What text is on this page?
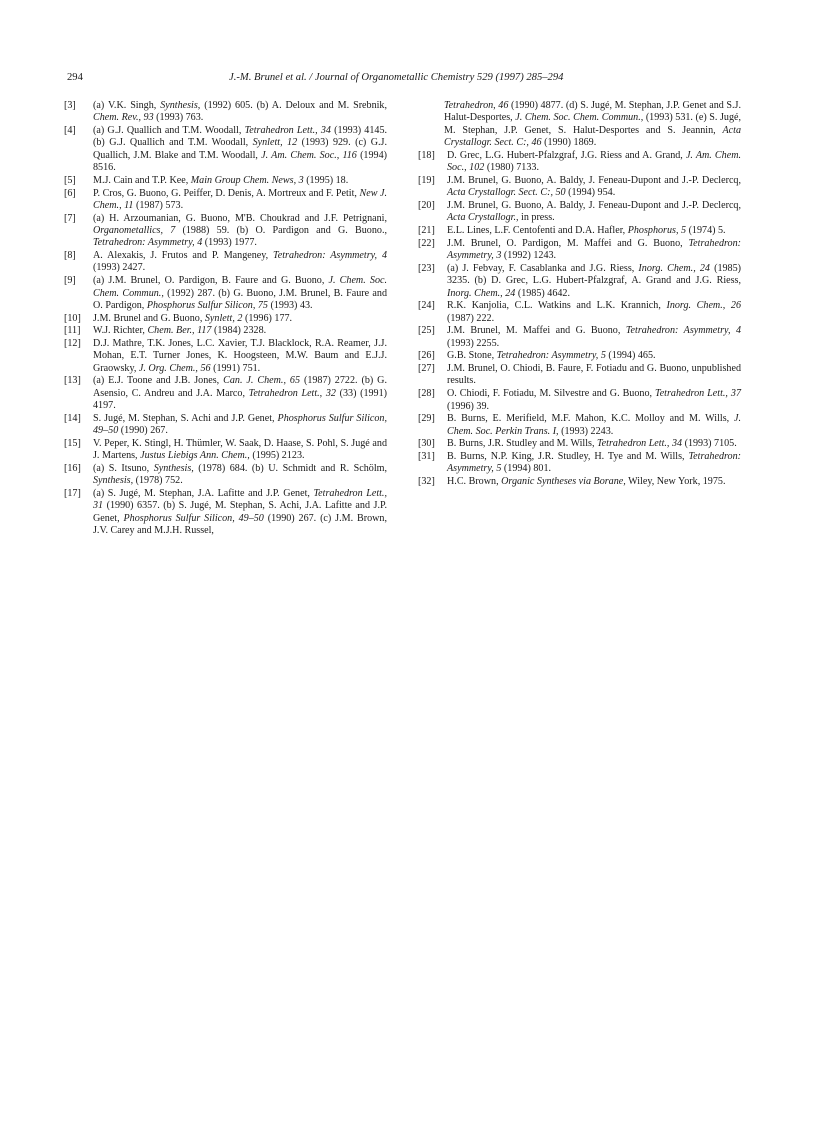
294	J.-M. Brunel et al. / Journal of Organometallic Chemistry 529 (1997) 285–294
[3]	(a) V.K. Singh, Synthesis, (1992) 605. (b) A. Deloux and M. Srebnik, Chem. Rev., 93 (1993) 763.
[4]	(a) G.J. Quallich and T.M. Woodall, Tetrahedron Lett., 34 (1993) 4145. (b) G.J. Quallich and T.M. Woodall, Synlett, 12 (1993) 929. (c) G.J. Quallich, J.M. Blake and T.M. Woodall, J. Am. Chem. Soc., 116 (1994) 8516.
[5]	M.J. Cain and T.P. Kee, Main Group Chem. News, 3 (1995) 18.
[6]	P. Cros, G. Buono, G. Peiffer, D. Denis, A. Mortreux and F. Petit, New J. Chem., 11 (1987) 573.
[7]	(a) H. Arzoumanian, G. Buono, M'B. Choukrad and J.F. Petrignani, Organometallics, 7 (1988) 59. (b) O. Pardigon and G. Buono., Tetrahedron: Asymmetry, 4 (1993) 1977.
[8]	A. Alexakis, J. Frutos and P. Mangeney, Tetrahedron: Asymmetry, 4 (1993) 2427.
[9]	(a) J.M. Brunel, O. Pardigon, B. Faure and G. Buono, J. Chem. Soc. Chem. Commun., (1992) 287. (b) G. Buono, J.M. Brunel, B. Faure and O. Pardigon, Phosphorus Sulfur Silicon, 75 (1993) 43.
[10]	J.M. Brunel and G. Buono, Synlett, 2 (1996) 177.
[11]	W.J. Richter, Chem. Ber., 117 (1984) 2328.
[12]	D.J. Mathre, T.K. Jones, L.C. Xavier, T.J. Blacklock, R.A. Reamer, J.J. Mohan, E.T. Turner Jones, K. Hoogsteen, M.W. Baum and E.J.J. Graowsky, J. Org. Chem., 56 (1991) 751.
[13]	(a) E.J. Toone and J.B. Jones, Can. J. Chem., 65 (1987) 2722. (b) G. Asensio, C. Andreu and J.A. Marco, Tetrahedron Lett., 32 (33) (1991) 4197.
[14]	S. Jugé, M. Stephan, S. Achi and J.P. Genet, Phosphorus Sulfur Silicon, 49–50 (1990) 267.
[15]	V. Peper, K. Stingl, H. Thümler, W. Saak, D. Haase, S. Pohl, S. Jugé and J. Martens, Justus Liebigs Ann. Chem., (1995) 2123.
[16]	(a) S. Itsuno, Synthesis, (1978) 684. (b) U. Schmidt and R. Schölm, Synthesis, (1978) 752.
[17]	(a) S. Jugé, M. Stephan, J.A. Lafitte and J.P. Genet, Tetrahedron Lett., 31 (1990) 6357. (b) S. Jugé, M. Stephan, S. Achi, J.A. Lafitte and J.P. Genet, Phosphorus Sulfur Silicon, 49–50 (1990) 267. (c) J.M. Brown, J.V. Carey and M.J.H. Russel,
Tetrahedron, 46 (1990) 4877. (d) S. Jugé, M. Stephan, J.P. Genet and S.J. Halut-Desportes, J. Chem. Soc. Chem. Commun., (1993) 531. (e) S. Jugé, M. Stephan, J.P. Genet, S. Halut-Desportes and S. Jeannin, Acta Crystallogr. Sect. C:, 46 (1990) 1869.
[18]	D. Grec, L.G. Hubert-Pfalzgraf, J.G. Riess and A. Grand, J. Am. Chem. Soc., 102 (1980) 7133.
[19]	J.M. Brunel, G. Buono, A. Baldy, J. Feneau-Dupont and J.-P. Declercq, Acta Crystallogr. Sect. C:, 50 (1994) 954.
[20]	J.M. Brunel, G. Buono, A. Baldy, J. Feneau-Dupont and J.-P. Declercq, Acta Crystallogr., in press.
[21]	E.L. Lines, L.F. Centofenti and D.A. Hafler, Phosphorus, 5 (1974) 5.
[22]	J.M. Brunel, O. Pardigon, M. Maffei and G. Buono, Tetrahedron: Asymmetry, 3 (1992) 1243.
[23]	(a) J. Febvay, F. Casablanka and J.G. Riess, Inorg. Chem., 24 (1985) 3235. (b) D. Grec, L.G. Hubert-Pfalzgraf, A. Grand and J.G. Riess, Inorg. Chem., 24 (1985) 4642.
[24]	R.K. Kanjolia, C.L. Watkins and L.K. Krannich, Inorg. Chem., 26 (1987) 222.
[25]	J.M. Brunel, M. Maffei and G. Buono, Tetrahedron: Asymmetry, 4 (1993) 2255.
[26]	G.B. Stone, Tetrahedron: Asymmetry, 5 (1994) 465.
[27]	J.M. Brunel, O. Chiodi, B. Faure, F. Fotiadu and G. Buono, unpublished results.
[28]	O. Chiodi, F. Fotiadu, M. Silvestre and G. Buono, Tetrahedron Lett., 37 (1996) 39.
[29]	B. Burns, E. Merifield, M.F. Mahon, K.C. Molloy and M. Wills, J. Chem. Soc. Perkin Trans. I, (1993) 2243.
[30]	B. Burns, J.R. Studley and M. Wills, Tetrahedron Lett., 34 (1993) 7105.
[31]	B. Burns, N.P. King, J.R. Studley, H. Tye and M. Wills, Tetrahedron: Asymmetry, 5 (1994) 801.
[32]	H.C. Brown, Organic Syntheses via Borane, Wiley, New York, 1975.
